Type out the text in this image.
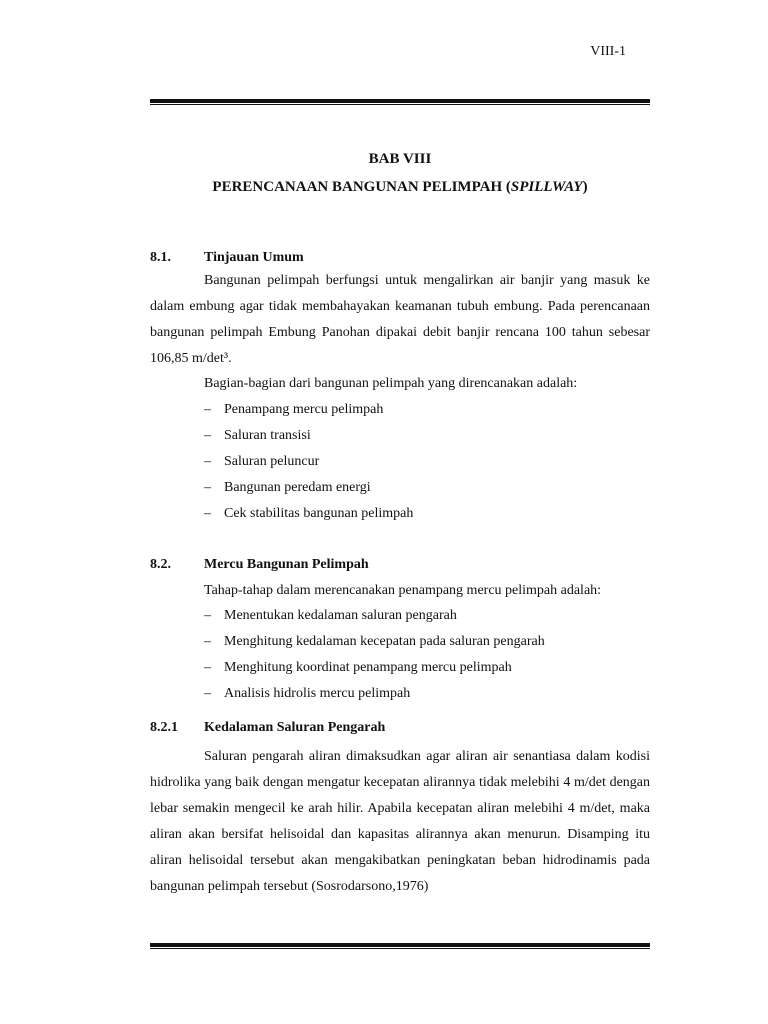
VIII-1
BAB VIII
PERENCANAAN BANGUNAN PELIMPAH (SPILLWAY)
8.1. Tinjauan Umum

Bangunan pelimpah berfungsi untuk mengalirkan air banjir yang masuk ke dalam embung agar tidak membahayakan keamanan tubuh embung. Pada perencanaan bangunan pelimpah Embung Panohan dipakai debit banjir rencana 100 tahun sebesar 106,85 m/det³.

Bagian-bagian dari bangunan pelimpah yang direncanakan adalah:
– Penampang mercu pelimpah
– Saluran transisi
– Saluran peluncur
– Bangunan peredam energi
– Cek stabilitas bangunan pelimpah
8.2. Mercu Bangunan Pelimpah
Tahap-tahap dalam merencanakan penampang mercu pelimpah adalah:
– Menentukan kedalaman saluran pengarah
– Menghitung kedalaman kecepatan pada saluran pengarah
– Menghitung koordinat penampang mercu pelimpah
– Analisis hidrolis mercu pelimpah
8.2.1 Kedalaman Saluran Pengarah

Saluran pengarah aliran dimaksudkan agar aliran air senantiasa dalam kodisi hidrolika yang baik dengan mengatur kecepatan alirannya tidak melebihi 4 m/det dengan lebar semakin mengecil ke arah hilir. Apabila kecepatan aliran melebihi 4 m/det, maka aliran akan bersifat helisoidal dan kapasitas alirannya akan menurun. Disamping itu aliran helisoidal tersebut akan mengakibatkan peningkatan beban hidrodinamis pada bangunan pelimpah tersebut (Sosrodarsono,1976)
